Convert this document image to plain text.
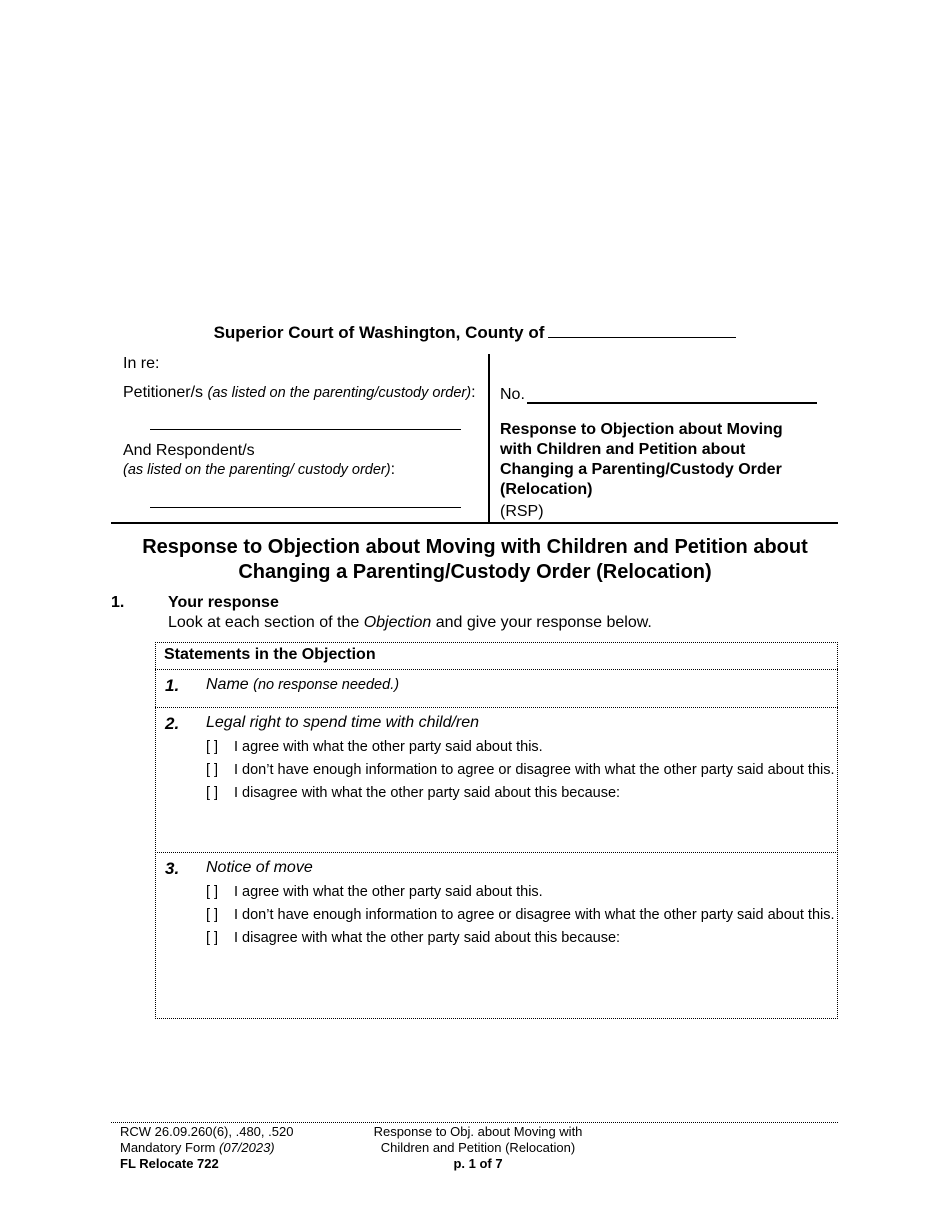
Superior Court of Washington, County of
In re:
Petitioner/s (as listed on the parenting/custody order):
And Respondent/s
(as listed on the parenting/ custody order):
No.
Response to Objection about Moving
with Children and Petition about
Changing a Parenting/Custody Order
(Relocation)
(RSP)
Response to Objection about Moving with Children and Petition about
Changing a Parenting/Custody Order (Relocation)
1.	Your response
Look at each section of the Objection and give your response below.
Statements in the Objection
1. Name (no response needed.)
2. Legal right to spend time with child/ren
[ ] I agree with what the other party said about this.
[ ] I don’t have enough information to agree or disagree with what the other party said about this.
[ ] I disagree with what the other party said about this because:
3. Notice of move
[ ] I agree with what the other party said about this.
[ ] I don’t have enough information to agree or disagree with what the other party said about this.
[ ] I disagree with what the other party said about this because:
RCW 26.09.260(6), .480, .520
Mandatory Form (07/2023)
FL Relocate 722
Response to Obj. about Moving with
Children and Petition (Relocation)
p. 1 of 7
